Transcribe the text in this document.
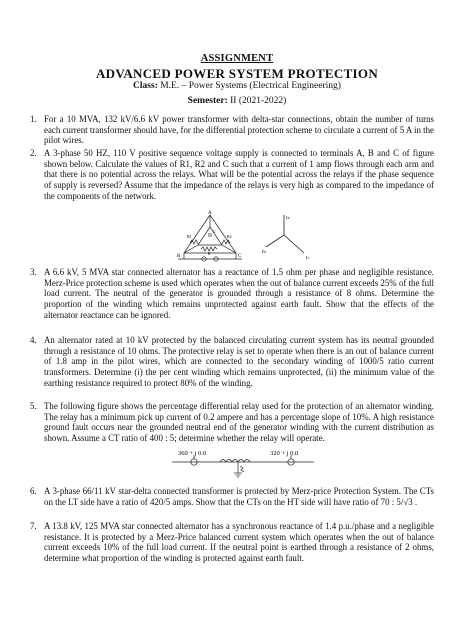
ASSIGNMENT
ADVANCED POWER SYSTEM PROTECTION
Class: M.E. – Power Systems (Electrical Engineering)
Semester: II (2021-2022)
1. For a 10 MVA, 132 kV/6.6 kV power transformer with delta-star connections, obtain the number of turns each current transformer should have, for the differential protection scheme to circulate a current of 5 A in the pilot wires.
2. A 3-phase 50 HZ, 110 V positive sequence voltage supply is connected to terminals A, B and C of figure shown below. Calculate the values of R1, R2 and C such that a current of 1 amp flows through each arm and that there is no potential across the relays. What will be the potential across the relays if the phase sequence of supply is reversed? Assume that the impedance of the relays is very high as compared to the impedance of the components of the network.
A
B	C
R1	R2
C
R
Ia
Ib
Ic
3. A 6.6 kV, 5 MVA star connected alternator has a reactance of 1.5 ohm per phase and negligible resistance. Merz-Price protection scheme is used which operates when the out of balance current exceeds 25% of the full load current. The neutral of the generator is grounded through a resistance of 8 ohms. Determine the proportion of the winding which remains unprotected against earth fault. Show that the effects of the alternator reactance can be ignored.
4. An alternator rated at 10 kV protected by the balanced circulating current system has its neutral grounded through a resistance of 10 ohms. The protective relay is set to operate when there is an out of balance current of 1.8 amp in the pilot wires, which are connected to the secondary winding of 1000/5 ratio current transformers. Determine (i) the per cent winding which remains unprotected, (ii) the minimum value of the earthing resistance required to protect 80% of the winding.
5. The following figure shows the percentage differential relay used for the protection of an alternator winding. The relay has a minimum pick up current of 0.2 ampere and has a percentage slope of 10%. A high resistance ground fault occurs near the grounded neutral end of the generator winding with the current distribution as shown. Assume a CT ratio of 400 : 5; determine whether the relay will operate.
360 + j 0.0	320 + j 0.0
6. A 3-phase 66/11 kV star-delta connected transformer is protected by Merz-price Protection System. The CTs on the LT side have a ratio of 420/5 amps. Show that the CTs on the HT side will have ratio of 70 : 5/√3 .
7. A 13.8 kV, 125 MVA star connected alternator has a synchronous reactance of 1.4 p.u./phase and a negligible resistance. It is protected by a Merz-Price balanced current system which operates when the out of balance current exceeds 10% of the full load current. If the neutral point is earthed through a resistance of 2 ohms, determine what proportion of the winding is protected against earth fault.
